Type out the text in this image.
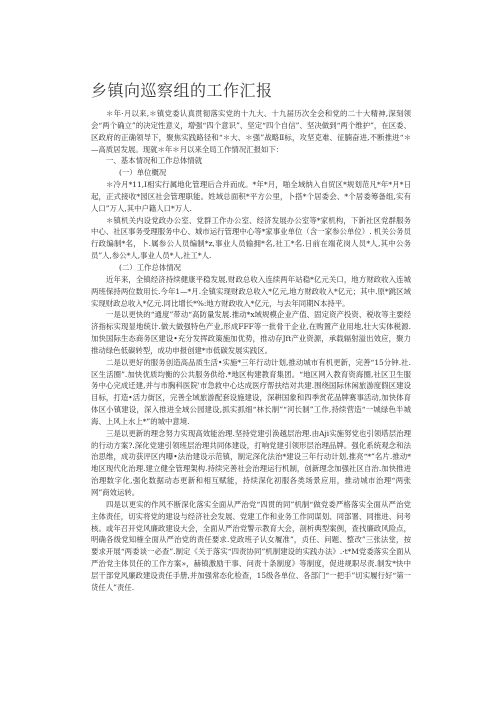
乡镇向巡察组的工作汇报

＊年·月以来,＊镇党委认真贯彻落实党的十九大、十九届历次全会和党的二十大精神,深刻领会“两个确立”的决定性意义，增强“四个意识”、坚定“四个自信”、坚决做到“两个维护”，在区委、区政府的正确领导下，聚焦实践路径和“＊大、＊强”战略Ⅱ标，攻坚克难、征腩奋进,不断推进“＊—高质居发展。现就＊年＊月以来全局工作情况汇报如下：

一、基本情况和工作总体情就

(一）单位概况

＊冷月*11,I相实行属地化管理后合并而成。*年*月，啪全域纳入自贸区*规划范凡*年*月*日起，正式接收*园区社会管理职能。姓域总面积*平方公里，卜搭*个居委会、*个居委筹备组,实有人口”万人,其中户籍人口*万人.

＊镇机关内设党政办公室、党群工作办公室、经济发展办公室等*家机构，下新社区党群服务中心、社区事务受理服务中心、城市运行管理中心等*家事业单位（含一家参公单位）. 机关公务员行政编制*名，卜.属参公人员编制*z,事业人员输拥*名,社工*名.日前在端花岗人员*人,其中公务员”人,参公*人,事业人员*人,社工*人.

(二）工作总体情况

近年来，全镇经济持续健康平稳发展,财政总收入连续两年站稳*亿元关口，地方财政收入连城两班保持两位数用长.今年1—*月.全镇实现财政总收入*亿元,地方财政收入*亿元；其中.原*跳区域实现财政总收入*亿元.同比增长*%:地方财政收入*亿元，与去年同期N本持平。

一是以更快的“通度”带动“高防量发展.推动*x域规模企业产值、固定资产投资、税收等主要经济指标实现显地统计.做大做强特色产业,形成FFF等一批骨干企业,在购置产业用地,壮大实体税源.加快国际生态商务区建设•充分发挥政策施加优势，推动存Jft产业资源，承载辐射溢出效应，聚力推动绿色低碳转型，成功申报创建*市低碳发展实践区。

二是以更好的服务创造高品质生活•实施*三年行动计划,推动城市有机更新，完善“15分钟.社.区生活圈”.加快优质均衡的公共服务供给.*地区构建教育集团。“地区网入教育资海圈,社区卫生服务中心完成迁建,并与市胸科医院'市急救中心达成医疗帮扶结对共建.围绕国际休闲旅游度假区建设目标，打造•活力街区，完善全域旅游配套设施建设，深耕国象和四季赏花品牌赛事活动,加快体育体区小镇建设，深入推进全域公园建设,抓实抓细“林长制”“河长制”工作,持续营造“一城绿色半城海、上风上水上*”的城中意境.

三是以更新的理念努力实现高效能治理.坚持党建引涣越层治理.由Aji实施努党也引领塔层治理的行动方案?.深化党建引领班层治理共同体建设，打响党建引领形层治理品牌。强化系统观念和法治思维，成功获评区内曝•法治建设示范镇，制定深化法治*建设三年行动计划,推亮“*”名片.推动*地区现代化治理.建立健全管理架构.持续完善社会治理运行机制，创新理念加强社区自治.加快推进治理数字化,强化数据动态更新和相互赋能，持续深化初服各类场景应用，推动城市治理“两张网”商效运转。

四是以更实的作风不断深化落实全面从严治党“四贯的同”机制“做党委严格落实全面从严治党主体责任，切实将党的建设与经济社会发展、党建工作和业务工作同谋划、同部署、同推进、问考核。或年召开党风廉政建设大会，全面从严治党警示教育大会，剖析典型案例，查找廉政风险点，明确各级党知榷全面从严治党的责任要求.党政班子认女履准”，贞任、问题、整改”三张法堂，按要求开展“两委谈一必查”.制定《关于落实“四责协同”机制建设的实践办法》.·t*M党委落实全面从严治党主体员任的工作方案»，赫镇激励干事、问责十条制度》等制度，促进规职尽责.制发*快中层干部党风廉政建设责任手册,并加强常态化检查，15级各单位、各部门“一把手”切实履行好“第一货任人”责任.
